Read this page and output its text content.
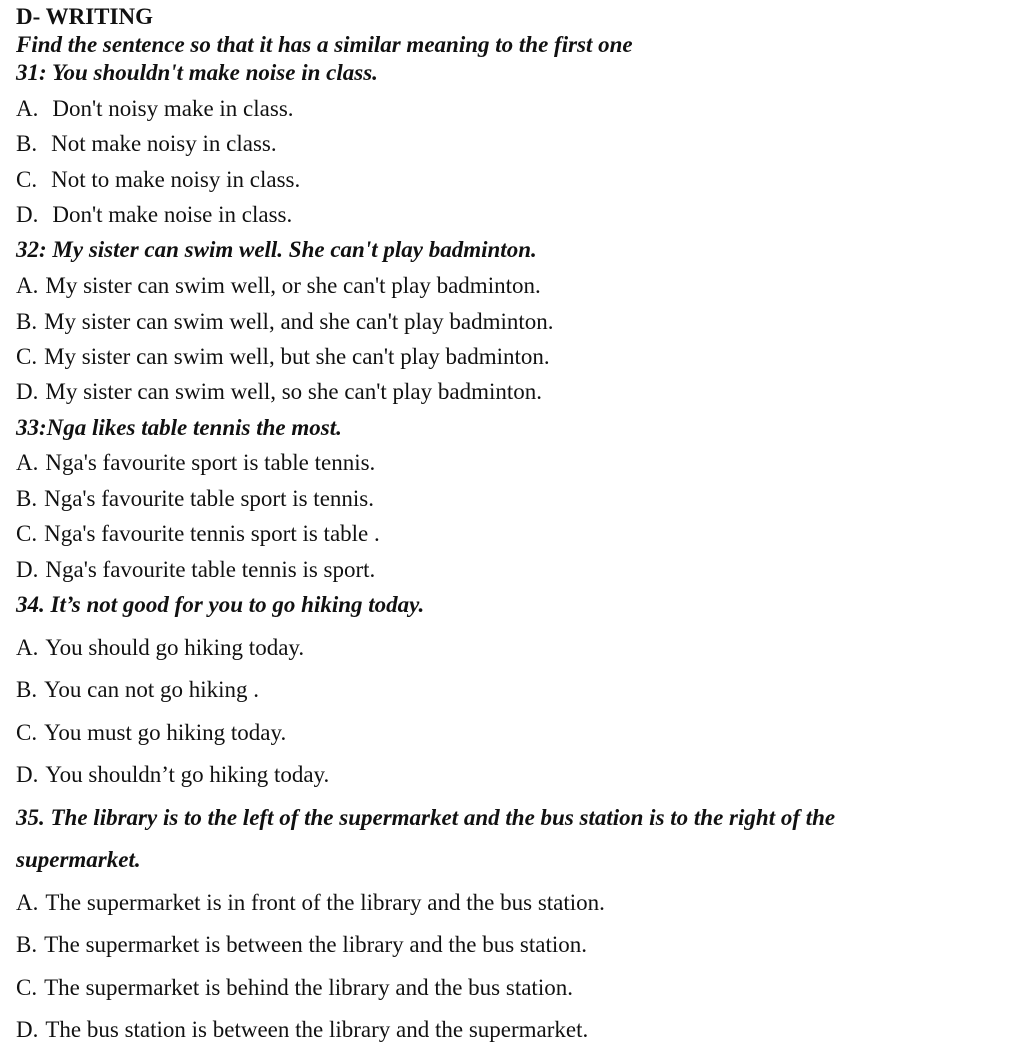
D- WRITING
Find the sentence so that it has a similar meaning to the first one
31: You shouldn't make noise in class.
A. Don't noisy make in class.
B. Not make noisy in class.
C. Not to make noisy in class.
D. Don't make noise in class.
32: My sister can swim well. She can't play badminton.
A. My sister can swim well, or she can't play badminton.
B. My sister can swim well, and she can't play badminton.
C. My sister can swim well, but she can't play badminton.
D. My sister can swim well, so she can't play badminton.
33:Nga likes table tennis the most.
A. Nga's favourite sport is table tennis.
B. Nga's favourite table sport is tennis.
C. Nga's favourite tennis sport is table .
D. Nga's favourite table tennis is sport.
34. It’s not good for you to go hiking today.
A. You should go hiking today.
B. You can not go hiking .
C. You must go hiking today.
D. You shouldn’t go hiking today.
35. The library is to the left of the supermarket and the bus station is to the right of the
supermarket.
A. The supermarket is in front of the library and the bus station.
B. The supermarket is between the library and the bus station.
C. The supermarket is behind the library and the bus station.
D. The bus station is between the library and the supermarket.
